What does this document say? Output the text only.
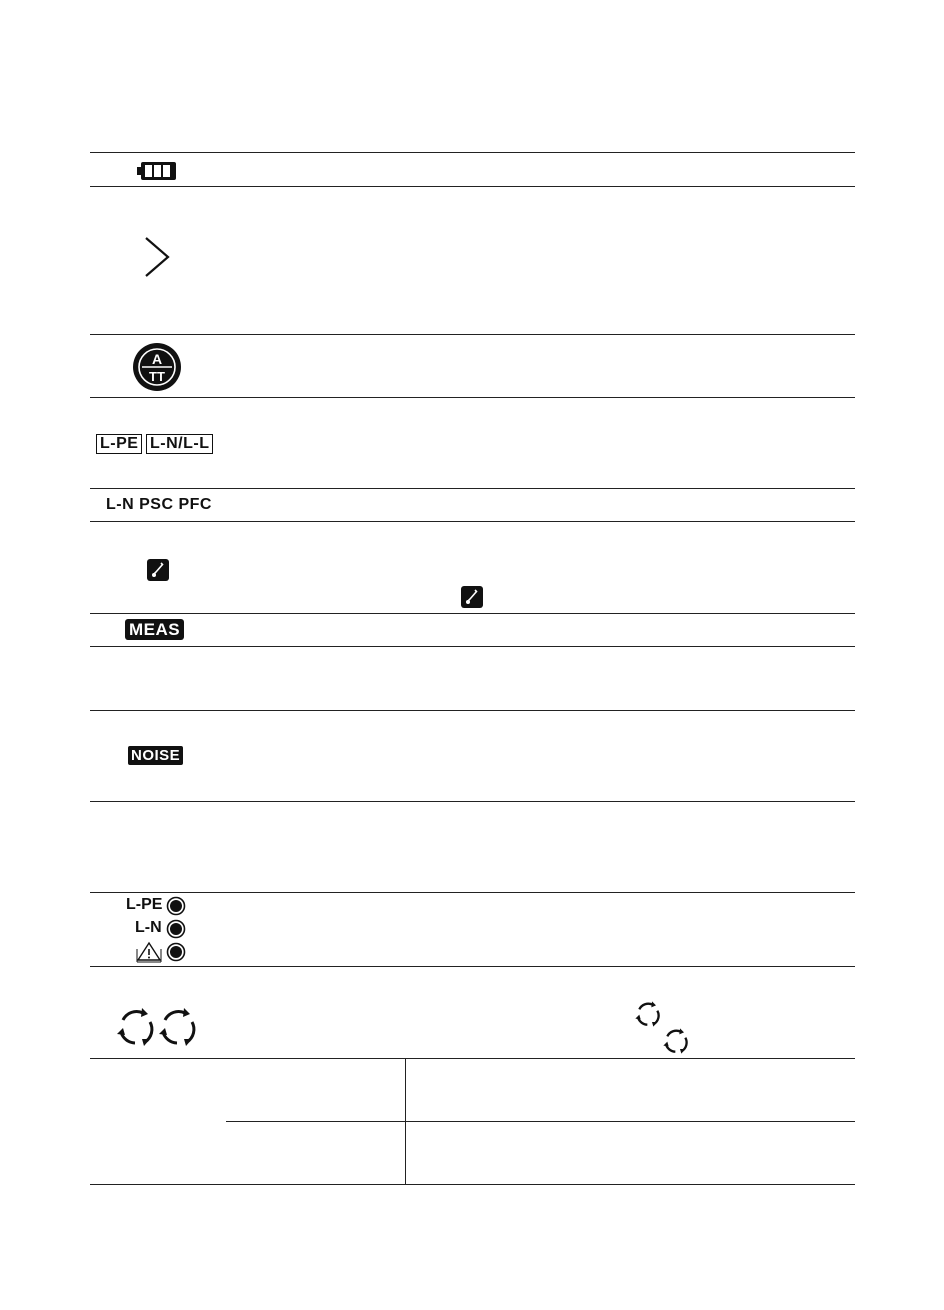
A
TT
L-PE L-N/L-L
L-N PSC PFC
MEAS
NOISE
L-PE
L-N
